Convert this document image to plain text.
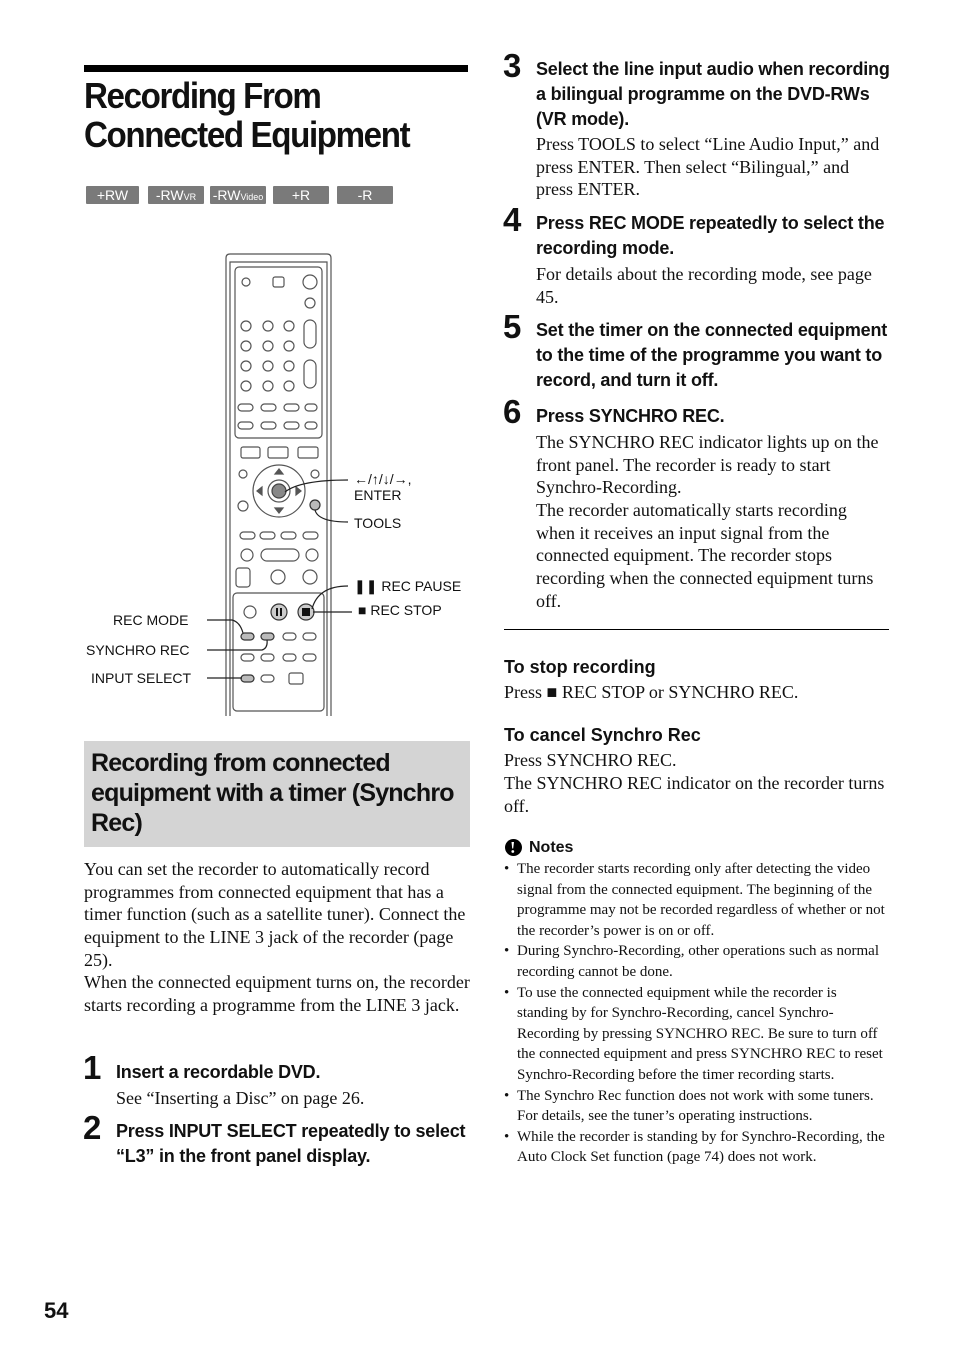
Recording From Connected Equipment
+RW	-RWVR	-RWVideo	+R	-R
←/↑/↓/→,
ENTER
TOOLS
❚❚ REC PAUSE
■ REC STOP
REC MODE
SYNCHRO REC
INPUT SELECT
Recording from connected equipment with a timer (Synchro Rec)
You can set the recorder to automatically record programmes from connected equipment that has a timer function (such as a satellite tuner). Connect the equipment to the LINE 3 jack of the recorder (page 25).
When the connected equipment turns on, the recorder starts recording a programme from the LINE 3 jack.
1 Insert a recordable DVD.
See “Inserting a Disc” on page 26.
2 Press INPUT SELECT repeatedly to select “L3” in the front panel display.
3 Select the line input audio when recording a bilingual programme on the DVD-RWs (VR mode).
Press TOOLS to select “Line Audio Input,” and press ENTER. Then select “Bilingual,” and press ENTER.
4 Press REC MODE repeatedly to select the recording mode.
For details about the recording mode, see page 45.
5 Set the timer on the connected equipment to the time of the programme you want to record, and turn it off.
6 Press SYNCHRO REC.
The SYNCHRO REC indicator lights up on the front panel. The recorder is ready to start Synchro-Recording.
The recorder automatically starts recording when it receives an input signal from the connected equipment. The recorder stops recording when the connected equipment turns off.
To stop recording
Press ■ REC STOP or SYNCHRO REC.
To cancel Synchro Rec
Press SYNCHRO REC.
The SYNCHRO REC indicator on the recorder turns off.
Notes
• The recorder starts recording only after detecting the video signal from the connected equipment. The beginning of the programme may not be recorded regardless of whether or not the recorder’s power is on or off.
• During Synchro-Recording, other operations such as normal recording cannot be done.
• To use the connected equipment while the recorder is standing by for Synchro-Recording, cancel Synchro-Recording by pressing SYNCHRO REC. Be sure to turn off the connected equipment and press SYNCHRO REC to reset Synchro-Recording before the timer recording starts.
• The Synchro Rec function does not work with some tuners. For details, see the tuner’s operating instructions.
• While the recorder is standing by for Synchro-Recording, the Auto Clock Set function (page 74) does not work.
54
